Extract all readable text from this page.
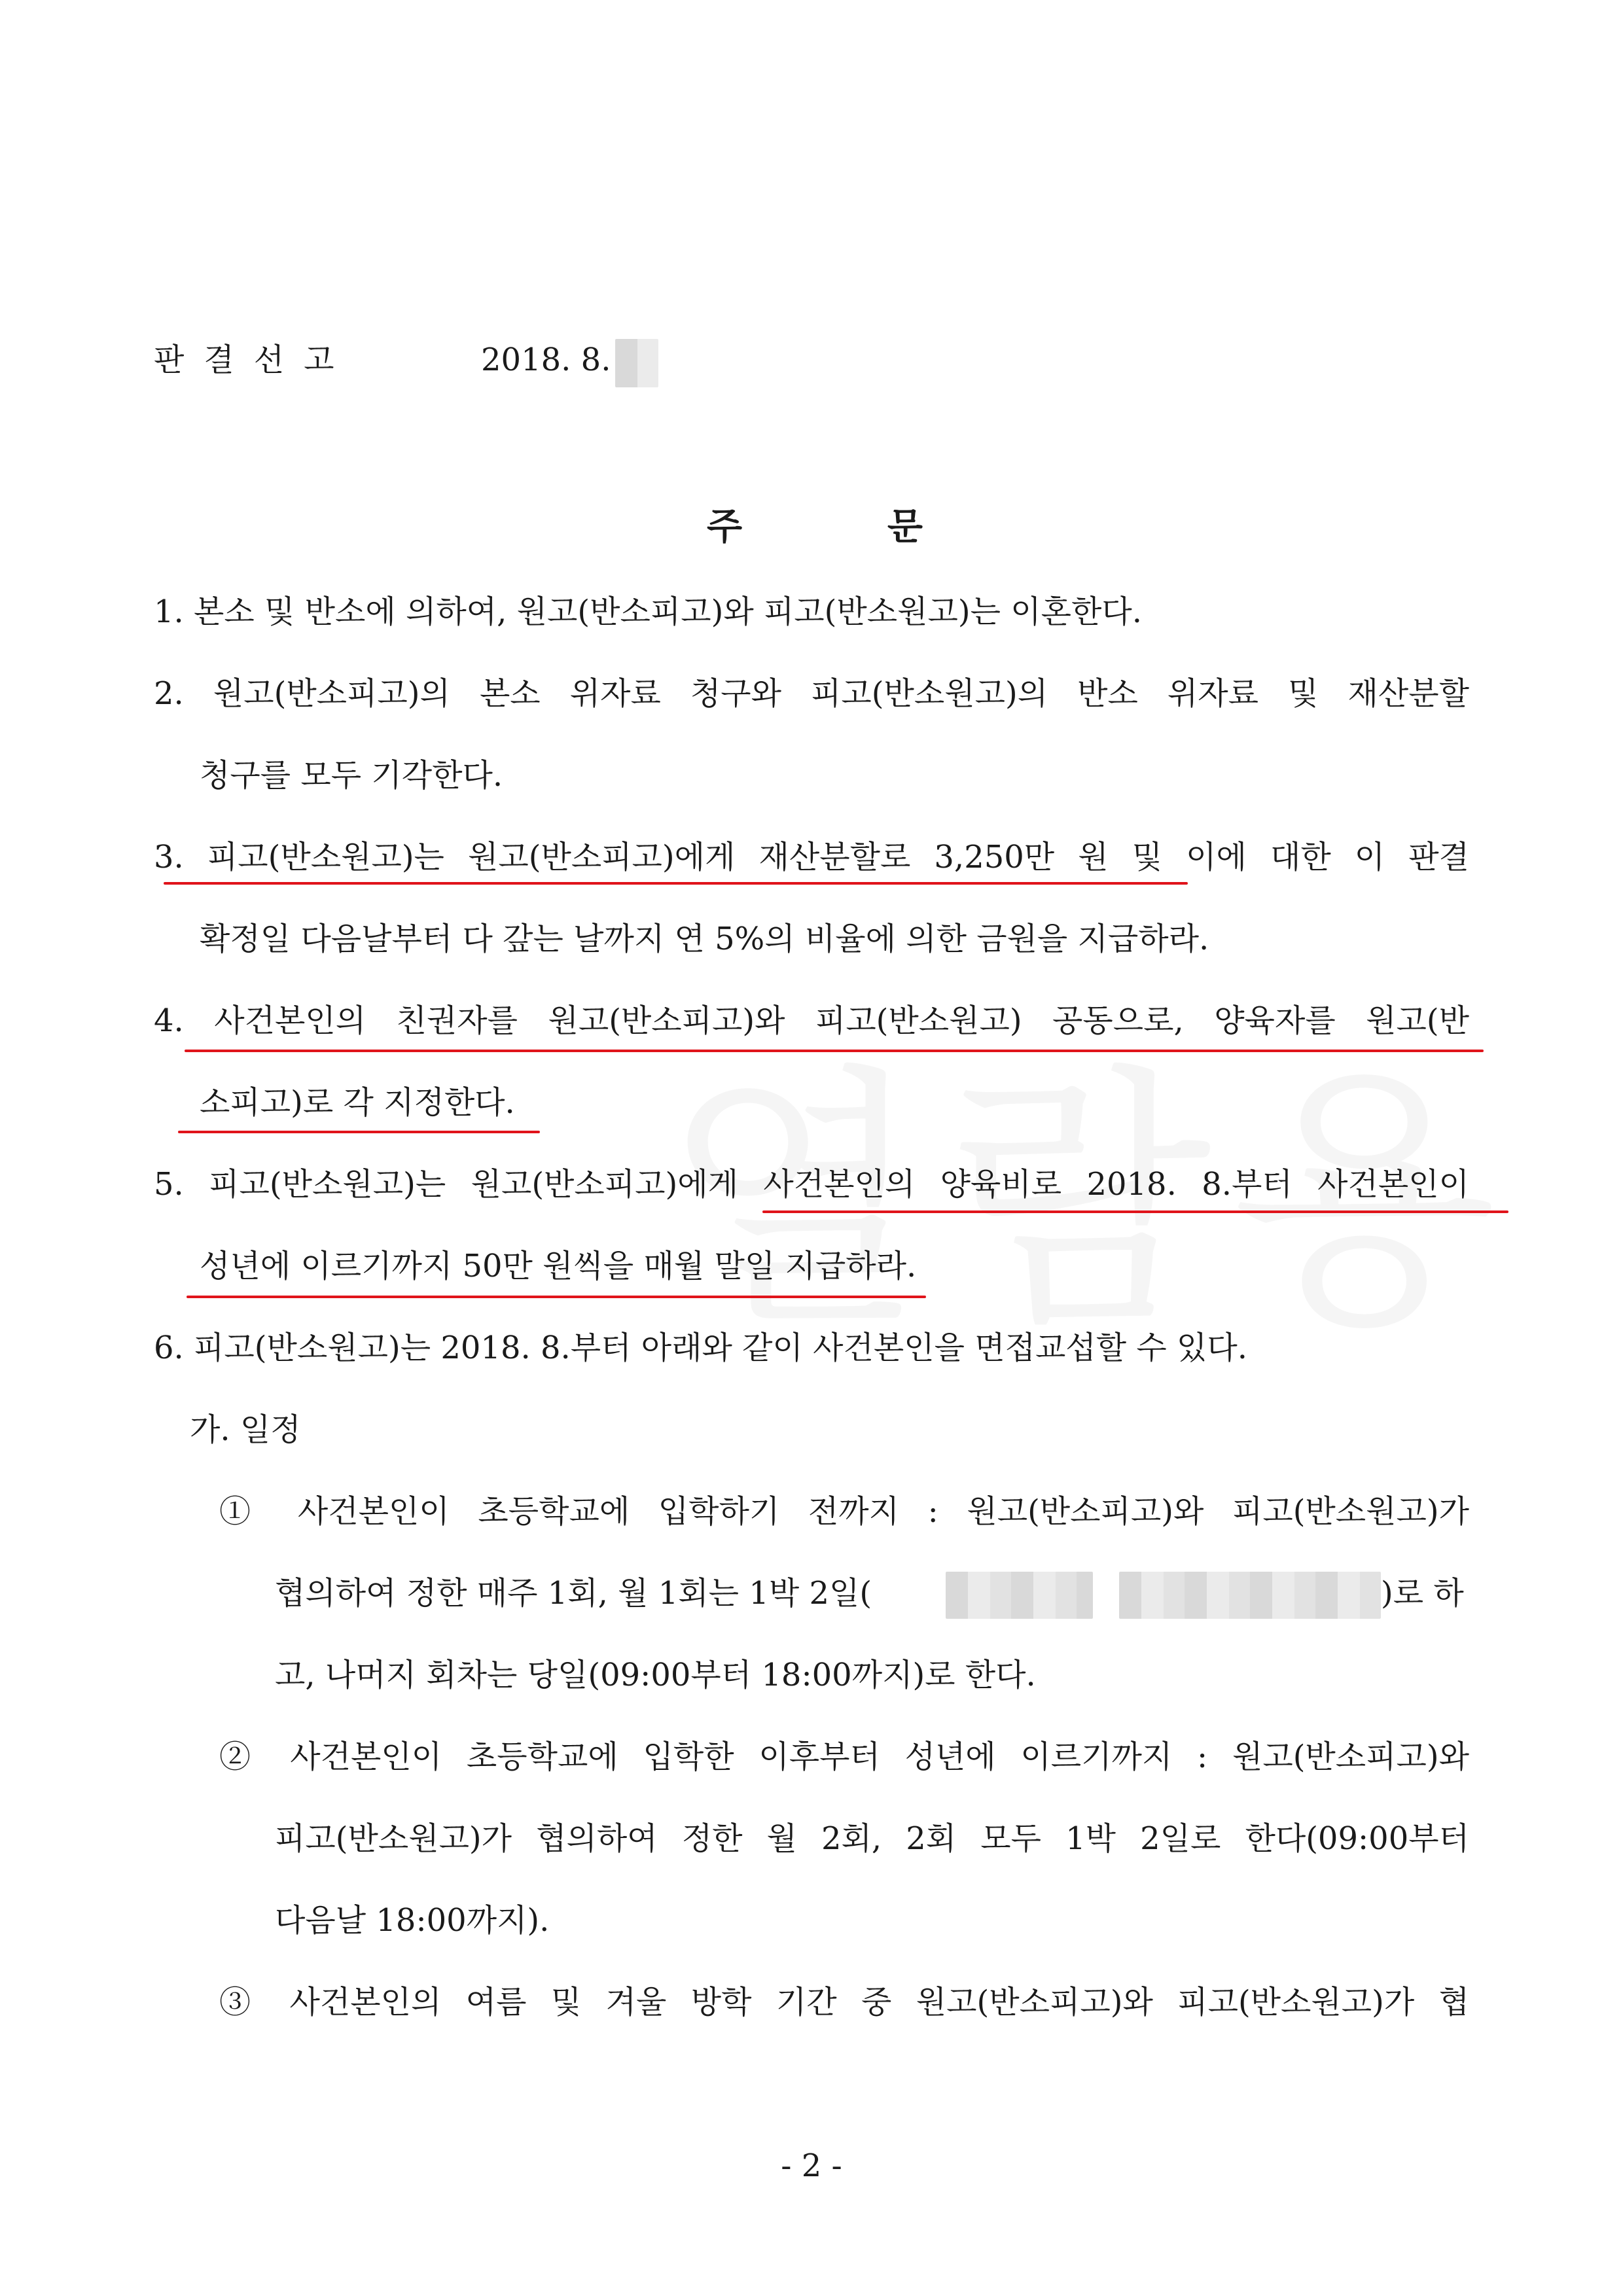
판결선고	2018. 8.
주 문
1. 본소 및 반소에 의하여, 원고(반소피고)와 피고(반소원고)는 이혼한다.
2. 원고(반소피고)의 본소 위자료 청구와 피고(반소원고)의 반소 위자료 및 재산분할
청구를 모두 기각한다.
3. 피고(반소원고)는 원고(반소피고)에게 재산분할로 3,250만 원 및 이에 대한 이 판결
확정일 다음날부터 다 갚는 날까지 연 5%의 비율에 의한 금원을 지급하라.
4. 사건본인의 친권자를 원고(반소피고)와 피고(반소원고) 공동으로, 양육자를 원고(반
소피고)로 각 지정한다.
5. 피고(반소원고)는 원고(반소피고)에게 사건본인의 양육비로 2018. 8.부터 사건본인이
성년에 이르기까지 50만 원씩을 매월 말일 지급하라.
6. 피고(반소원고)는 2018. 8.부터 아래와 같이 사건본인을 면접교섭할 수 있다.
가. 일정
① 사건본인이 초등학교에 입학하기 전까지 : 원고(반소피고)와 피고(반소원고)가
협의하여 정한 매주 1회, 월 1회는 1박 2일(	)로 하
고, 나머지 회차는 당일(09:00부터 18:00까지)로 한다.
② 사건본인이 초등학교에 입학한 이후부터 성년에 이르기까지 : 원고(반소피고)와
피고(반소원고)가 협의하여 정한 월 2회, 2회 모두 1박 2일로 한다(09:00부터
다음날 18:00까지).
③ 사건본인의 여름 및 겨울 방학 기간 중 원고(반소피고)와 피고(반소원고)가 협
- 2 -
